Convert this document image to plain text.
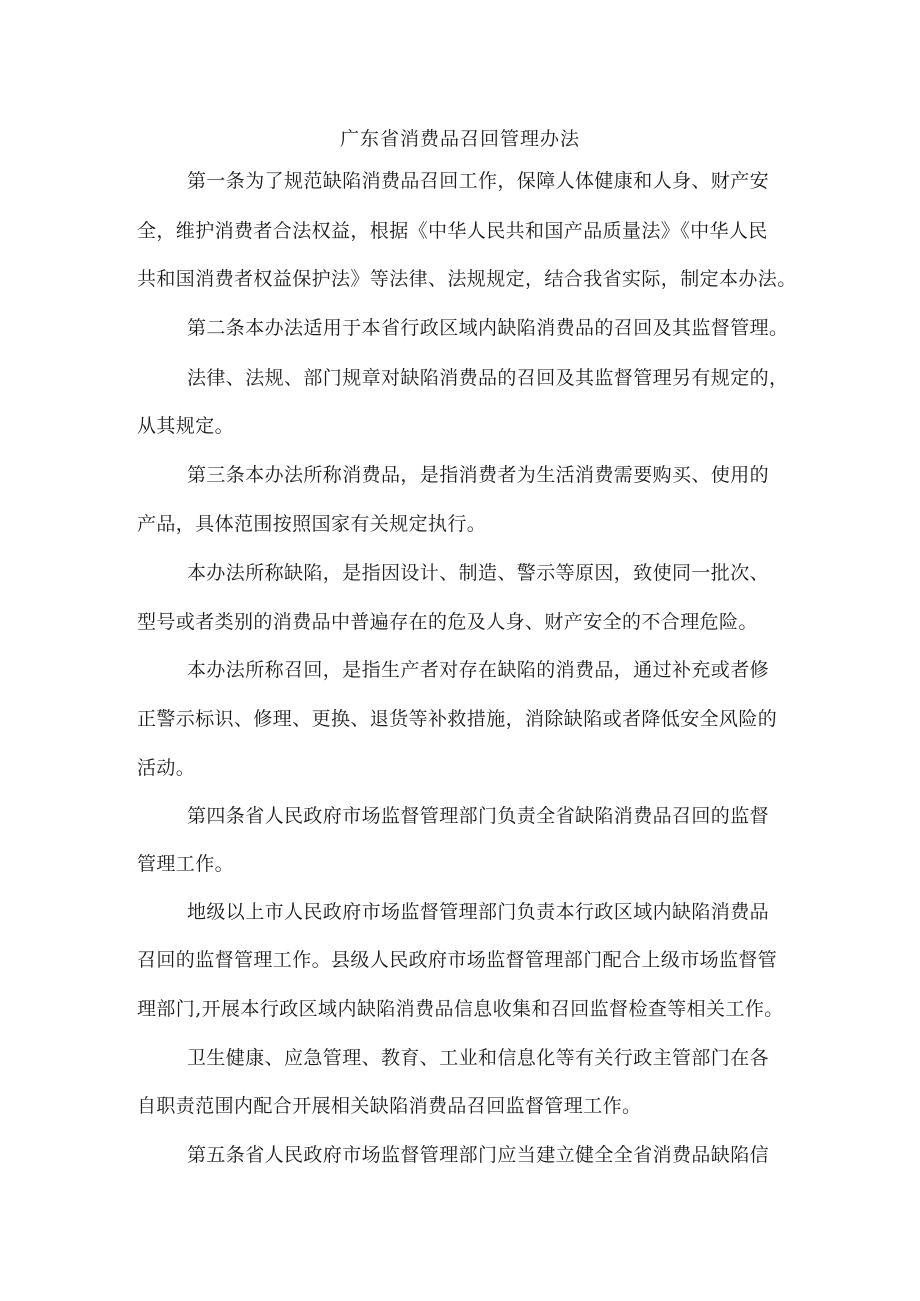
广东省消费品召回管理办法
第一条为了规范缺陷消费品召回工作，保障人体健康和人身、财产安
全，维护消费者合法权益，根据《中华人民共和国产品质量法》《中华人民
共和国消费者权益保护法》等法律、法规规定，结合我省实际，制定本办法。
第二条本办法适用于本省行政区域内缺陷消费品的召回及其监督管理。
法律、法规、部门规章对缺陷消费品的召回及其监督管理另有规定的，
从其规定。
第三条本办法所称消费品，是指消费者为生活消费需要购买、使用的
产品，具体范围按照国家有关规定执行。
本办法所称缺陷，是指因设计、制造、警示等原因，致使同一批次、
型号或者类别的消费品中普遍存在的危及人身、财产安全的不合理危险。
本办法所称召回，是指生产者对存在缺陷的消费品，通过补充或者修
正警示标识、修理、更换、退货等补救措施，消除缺陷或者降低安全风险的
活动。
第四条省人民政府市场监督管理部门负责全省缺陷消费品召回的监督
管理工作。
地级以上市人民政府市场监督管理部门负责本行政区域内缺陷消费品
召回的监督管理工作。县级人民政府市场监督管理部门配合上级市场监督管
理部门,开展本行政区域内缺陷消费品信息收集和召回监督检查等相关工作。
卫生健康、应急管理、教育、工业和信息化等有关行政主管部门在各
自职责范围内配合开展相关缺陷消费品召回监督管理工作。
第五条省人民政府市场监督管理部门应当建立健全全省消费品缺陷信
